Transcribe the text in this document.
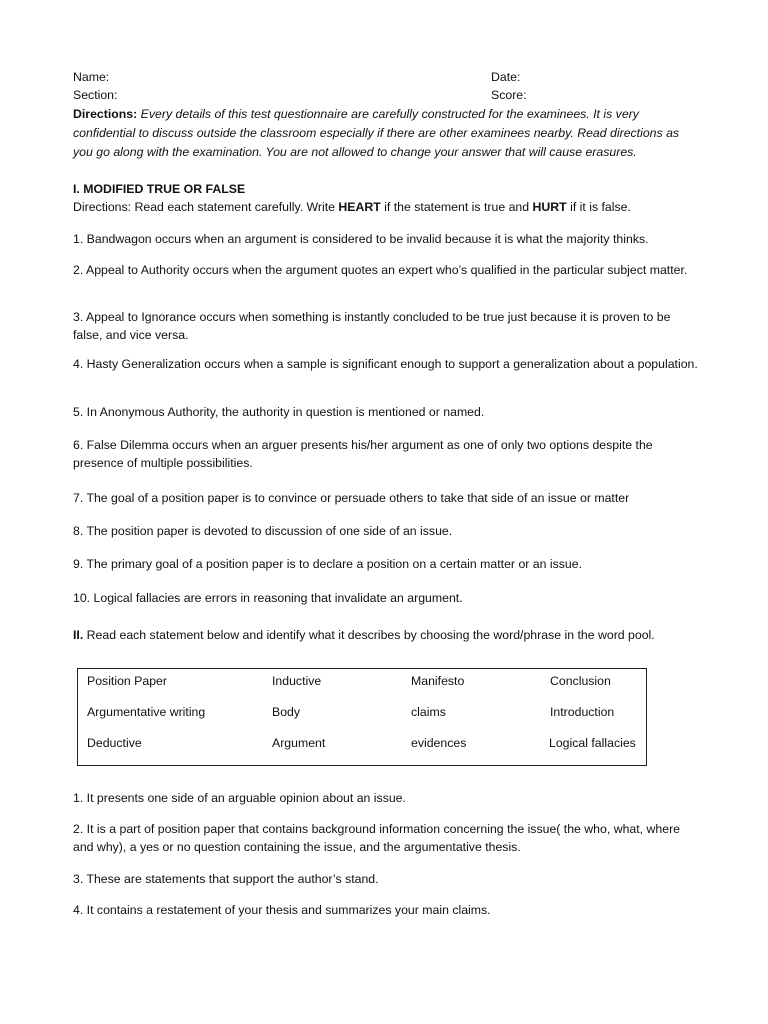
Name:	Date:
Section:	Score:
Directions: Every details of this test questionnaire are carefully constructed for the examinees. It is very confidential to discuss outside the classroom especially if there are other examinees nearby. Read directions as you go along with the examination. You are not allowed to change your answer that will cause erasures.
I. MODIFIED TRUE OR FALSE
Directions: Read each statement carefully. Write HEART if the statement is true and HURT if it is false.
1. Bandwagon occurs when an argument is considered to be invalid because it is what the majority thinks.
2. Appeal to Authority occurs when the argument quotes an expert who’s qualified in the particular subject matter.
3. Appeal to Ignorance occurs when something is instantly concluded to be true just because it is proven to be false, and vice versa.
4. Hasty Generalization occurs when a sample is significant enough to support a generalization about a population.
5. In Anonymous Authority, the authority in question is mentioned or named.
6. False Dilemma occurs when an arguer presents his/her argument as one of only two options despite the presence of multiple possibilities.
7. The goal of a position paper is to convince or persuade others to take that side of an issue or matter
8. The position paper is devoted to discussion of one side of an issue.
9. The primary goal of a position paper is to declare a position on a certain matter or an issue.
10. Logical fallacies are errors in reasoning that invalidate an argument.
II. Read each statement below and identify what it describes by choosing the word/phrase in the word pool.
Position Paper	Inductive	Manifesto	Conclusion
Argumentative writing	Body	claims	Introduction
Deductive	Argument	evidences	Logical fallacies
1. It presents one side of an arguable opinion about an issue.
2. It is a part of position paper that contains background information concerning the issue( the who, what, where and why), a yes or no question containing the issue, and the argumentative thesis.
3. These are statements that support the author’s stand.
4. It contains a restatement of your thesis and summarizes your main claims.
